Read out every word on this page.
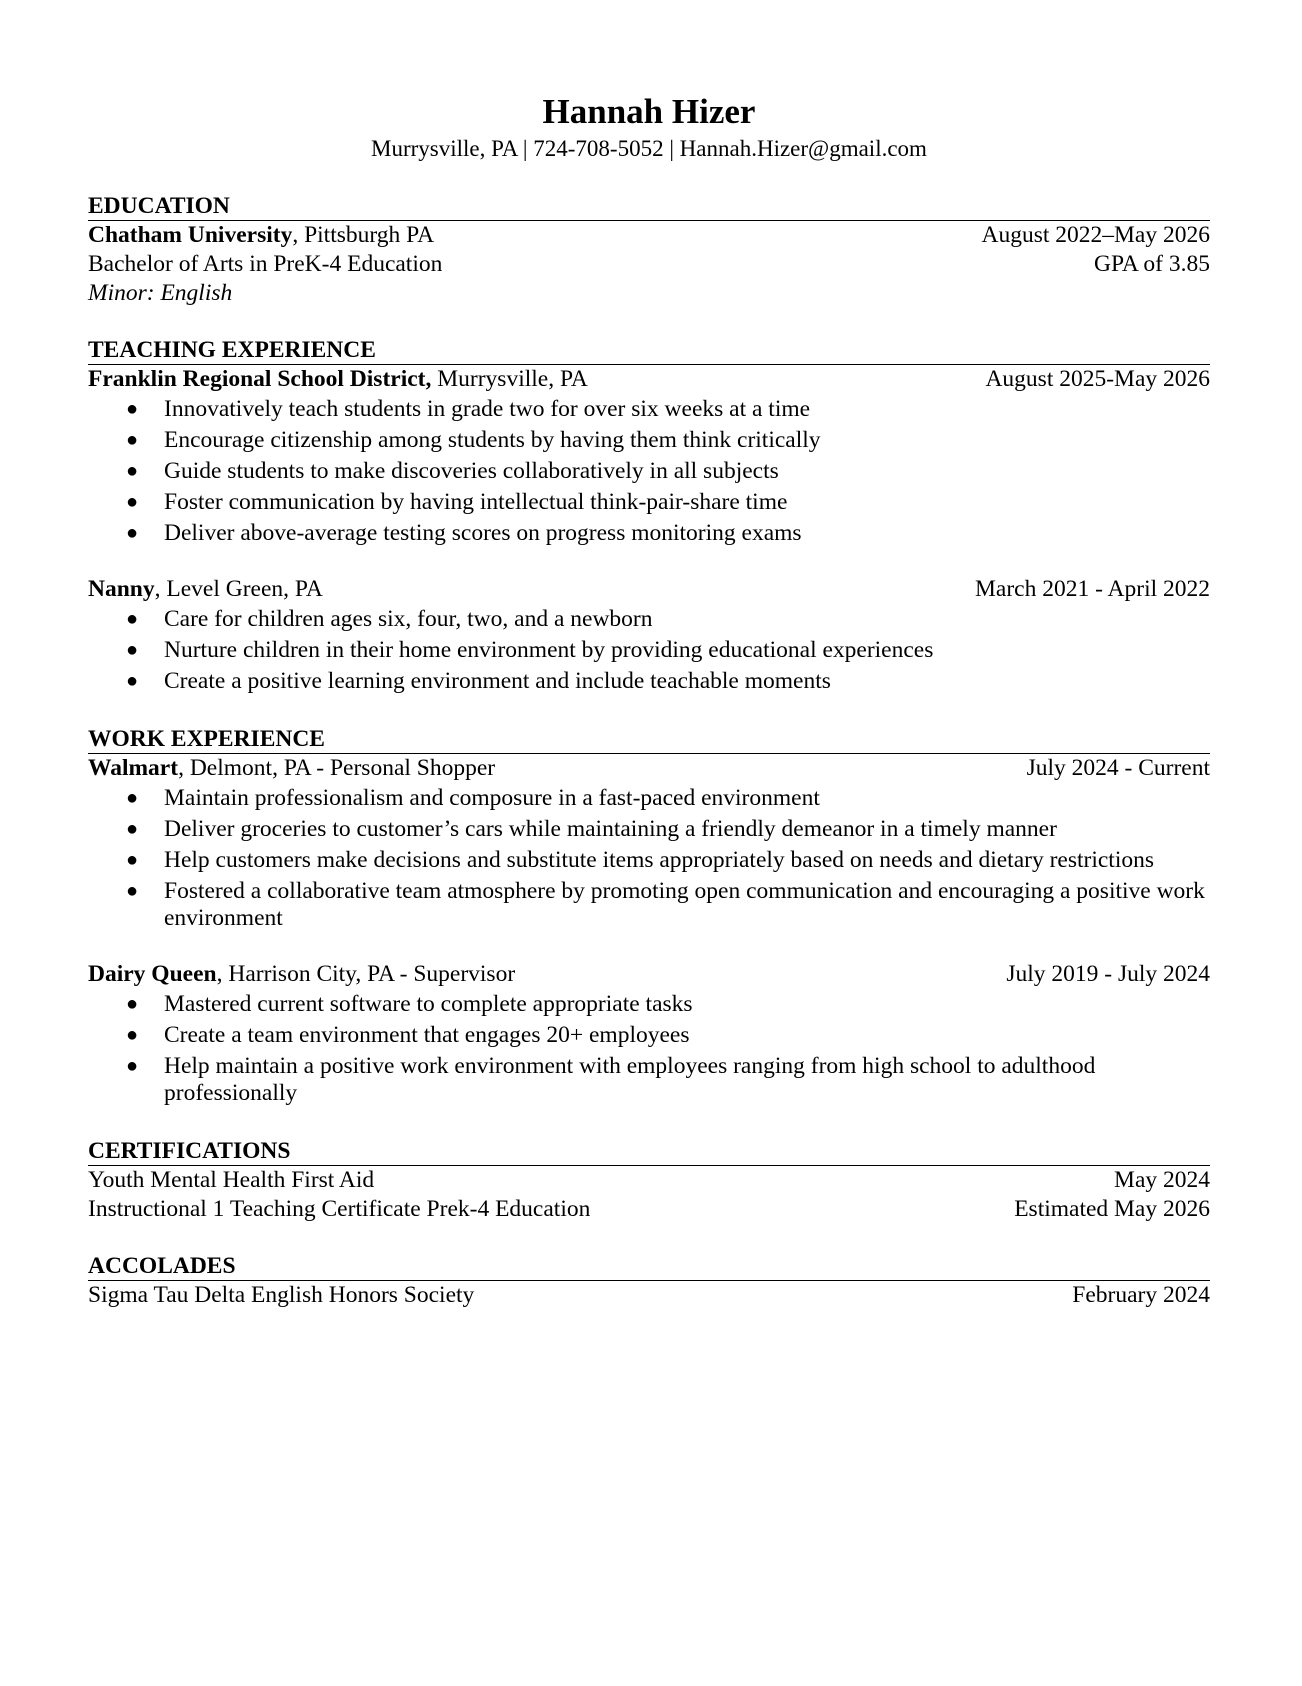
Hannah Hizer
Murrysville, PA | 724-708-5052 | Hannah.Hizer@gmail.com
EDUCATION
Chatham University, Pittsburgh PA	August 2022–May 2026
Bachelor of Arts in PreK-4 Education	GPA of 3.85
Minor: English
TEACHING EXPERIENCE
Franklin Regional School District, Murrysville, PA	August 2025-May 2026
● Innovatively teach students in grade two for over six weeks at a time
● Encourage citizenship among students by having them think critically
● Guide students to make discoveries collaboratively in all subjects
● Foster communication by having intellectual think-pair-share time
● Deliver above-average testing scores on progress monitoring exams
Nanny, Level Green, PA	March 2021 - April 2022
● Care for children ages six, four, two, and a newborn
● Nurture children in their home environment by providing educational experiences
● Create a positive learning environment and include teachable moments
WORK EXPERIENCE
Walmart, Delmont, PA - Personal Shopper	July 2024 - Current
● Maintain professionalism and composure in a fast-paced environment
● Deliver groceries to customer’s cars while maintaining a friendly demeanor in a timely manner
● Help customers make decisions and substitute items appropriately based on needs and dietary restrictions
● Fostered a collaborative team atmosphere by promoting open communication and encouraging a positive work environment
Dairy Queen, Harrison City, PA - Supervisor	July 2019 - July 2024
● Mastered current software to complete appropriate tasks
● Create a team environment that engages 20+ employees
● Help maintain a positive work environment with employees ranging from high school to adulthood professionally
CERTIFICATIONS
Youth Mental Health First Aid	May 2024
Instructional 1 Teaching Certificate Prek-4 Education	Estimated May 2026
ACCOLADES
Sigma Tau Delta English Honors Society	February 2024
